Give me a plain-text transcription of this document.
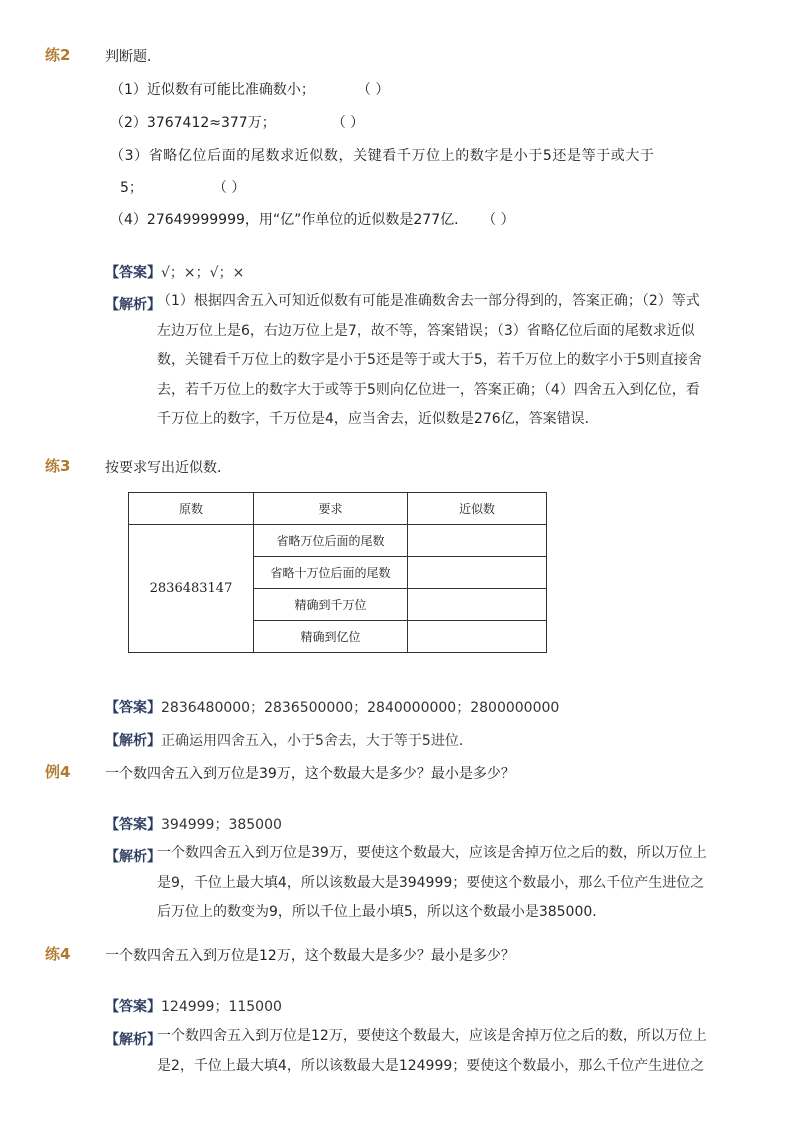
练2 判断题．
（1）近似数有可能比准确数小；　　　　（ ）
（2）3767412≈377万；　　　　　（ ）
（3）省略亿位后面的尾数求近似数，关键看千万位上的数字是小于5还是等于或大于
5；　　　　　　（ ）
（4）27649999999，用“亿”作单位的近似数是277亿．　　（ ）
【答案】√；×；√；×
【解析】
（1）根据四舍五入可知近似数有可能是准确数舍去一部分得到的，答案正确；（2）等式
左边万位上是6，右边万位上是7，故不等，答案错误；（3）省略亿位后面的尾数求近似
数，关键看千万位上的数字是小于5还是等于或大于5，若千万位上的数字小于5则直接舍
去，若千万位上的数字大于或等于5则向亿位进一，答案正确；（4）四舍五入到亿位，看
千万位上的数字，千万位是4，应当舍去，近似数是276亿，答案错误．
练3 按要求写出近似数．
原数	要求	近似数
2836483147	省略万位后面的尾数	
	省略十万位后面的尾数	
	精确到千万位	
	精确到亿位	
【答案】2836480000；2836500000；2840000000；2800000000
【解析】正确运用四舍五入，小于5舍去，大于等于5进位．
例4 一个数四舍五入到万位是39万，这个数最大是多少？最小是多少？
【答案】394999；385000
【解析】
一个数四舍五入到万位是39万，要使这个数最大，应该是舍掉万位之后的数，所以万位上
是9，千位上最大填4，所以该数最大是394999；要使这个数最小，那么千位产生进位之
后万位上的数变为9，所以千位上最小填5，所以这个数最小是385000．
练4 一个数四舍五入到万位是12万，这个数最大是多少？最小是多少？
【答案】124999；115000
【解析】
一个数四舍五入到万位是12万，要使这个数最大，应该是舍掉万位之后的数，所以万位上
是2，千位上最大填4，所以该数最大是124999；要使这个数最小，那么千位产生进位之
